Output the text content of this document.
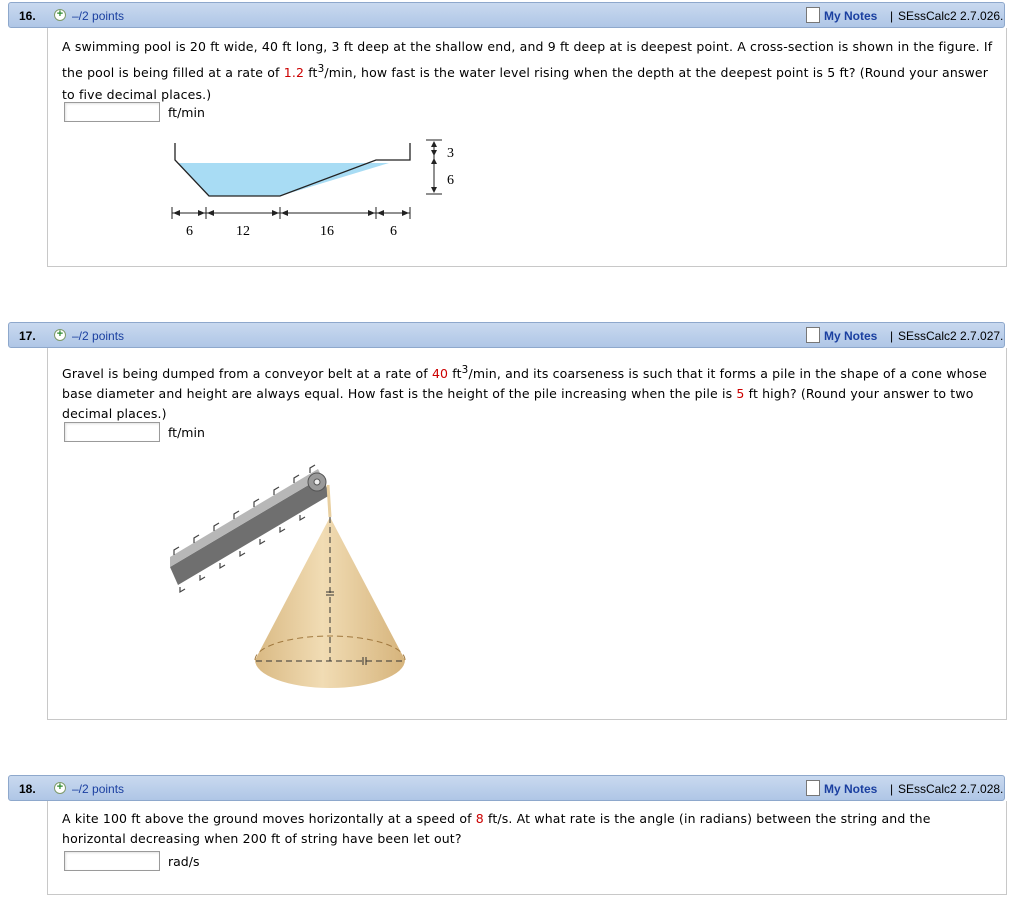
16. + –/2 points	My Notes | SEssCalc2 2.7.026.
A swimming pool is 20 ft wide, 40 ft long, 3 ft deep at the shallow end, and 9 ft deep at is deepest point. A cross-section is shown in the figure. If the pool is being filled at a rate of 1.2 $ft^3/\min$, how fast is the water level rising when the depth at the deepest point is 5 ft? (Round your answer to five decimal places.)
ft/min
3
6
6	12	16	6
17. + –/2 points	My Notes | SEssCalc2 2.7.027.
Gravel is being dumped from a conveyor belt at a rate of 40 $ft^3/\min$, and its coarseness is such that it forms a pile in the shape of a cone whose base diameter and height are always equal. How fast is the height of the pile increasing when the pile is 5 ft high? (Round your answer to two decimal places.)
ft/min
18. + –/2 points	My Notes | SEssCalc2 2.7.028.
A kite 100 ft above the ground moves horizontally at a speed of 8 ft/s. At what rate is the angle (in radians) between the string and the horizontal decreasing when 200 ft of string have been let out?
rad/s
